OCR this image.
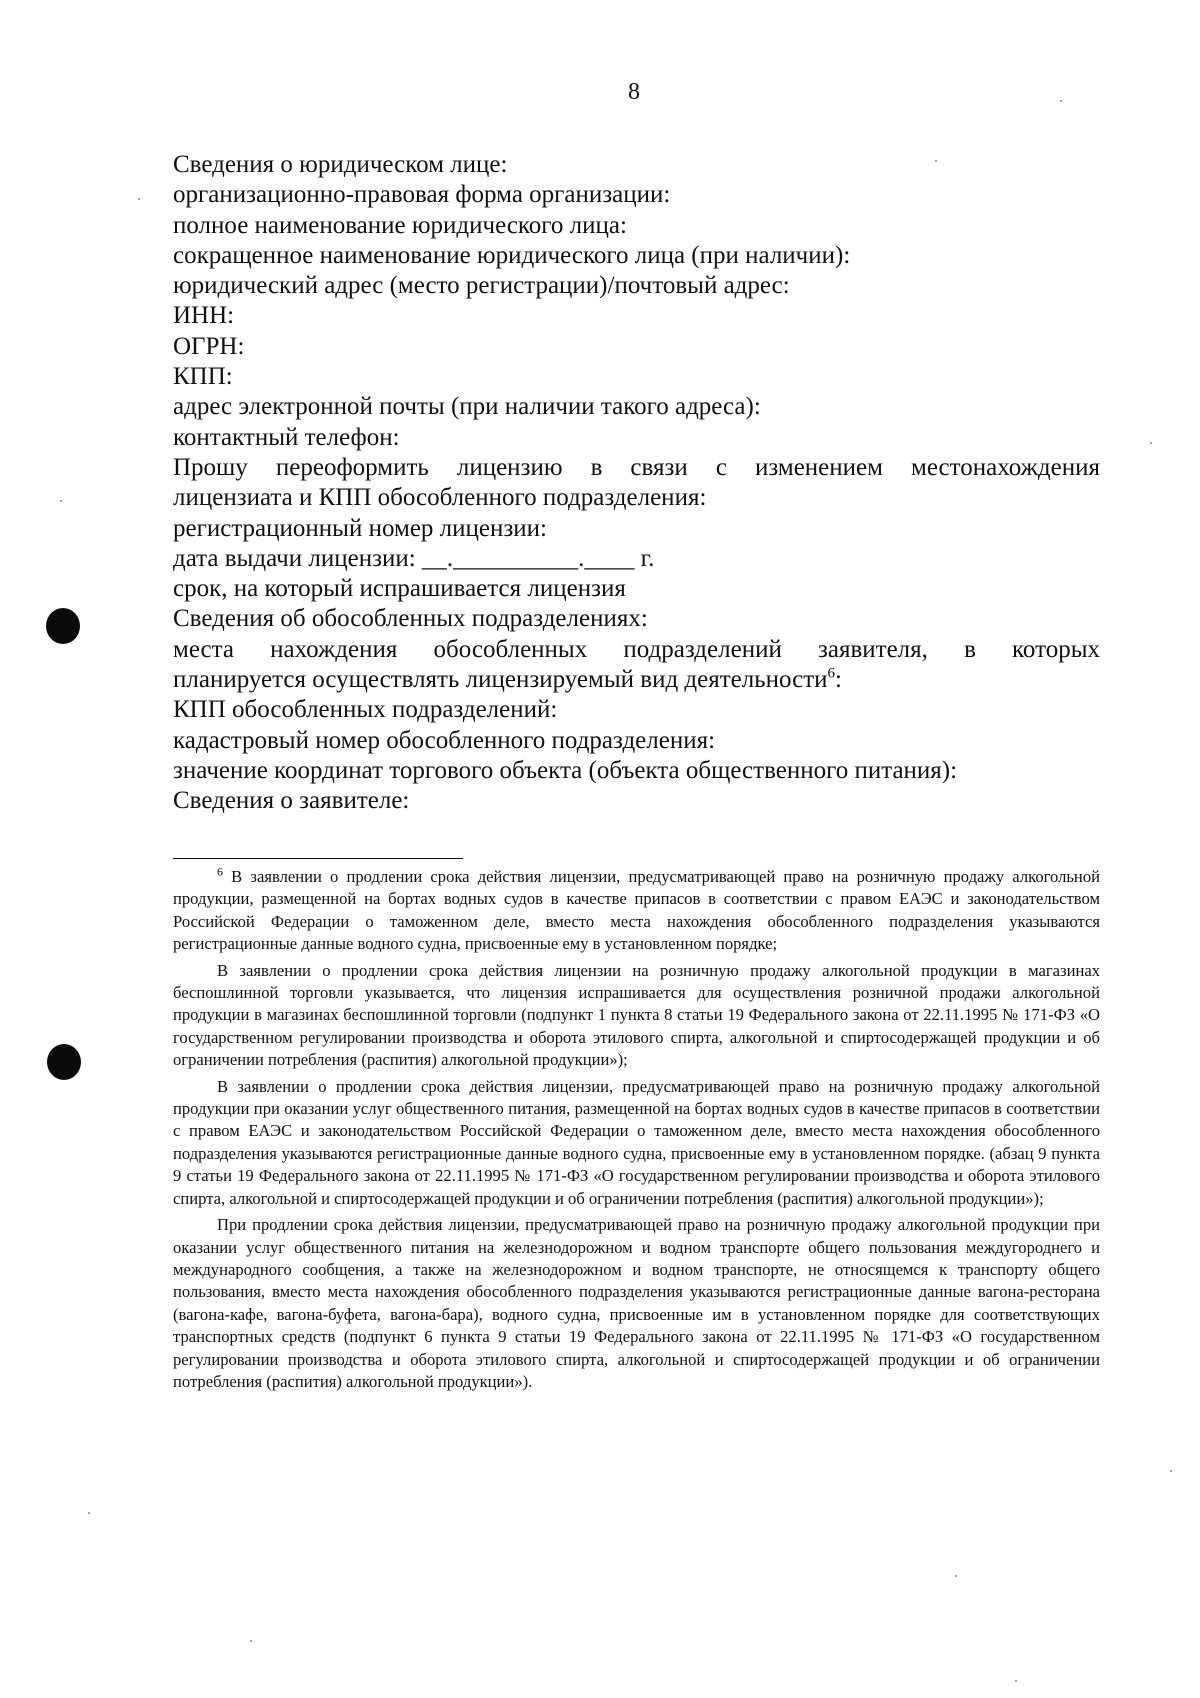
8

Сведения о юридическом лице:

организационно-правовая форма организации:

полное наименование юридического лица:

сокращенное наименование юридического лица (при наличии):

юридический адрес (место регистрации)/почтовый адрес:

ИНН:

ОГРН:

КПП:

адрес электронной почты (при наличии такого адреса):

контактный телефон:

Прошу переоформить лицензию в связи с изменением местонахождения

лицензиата и КПП обособленного подразделения:

регистрационный номер лицензии:

дата выдачи лицензии: __.__________.____ г.

срок, на который испрашивается лицензия

Сведения об обособленных подразделениях:

места нахождения обособленных подразделений заявителя, в которых

планируется осуществлять лицензируемый вид деятельности$^6$:

КПП обособленных подразделений:

кадастровый номер обособленного подразделения:

значение координат торгового объекта (объекта общественного питания):

Сведения о заявителе:

$^6$ В заявлении о продлении срока действия лицензии, предусматривающей право на розничную продажу алкогольной продукции, размещенной на бортах водных судов в качестве припасов в соответствии с правом ЕАЭС и законодательством Российской Федерации о таможенном деле, вместо места нахождения обособленного подразделения указываются регистрационные данные водного судна, присвоенные ему в установленном порядке;

В заявлении о продлении срока действия лицензии на розничную продажу алкогольной продукции в магазинах беспошлинной торговли указывается, что лицензия испрашивается для осуществления розничной продажи алкогольной продукции в магазинах беспошлинной торговли (подпункт 1 пункта 8 статьи 19 Федерального закона от 22.11.1995 № 171-ФЗ «О государственном регулировании производства и оборота этилового спирта, алкогольной и спиртосодержащей продукции и об ограничении потребления (распития) алкогольной продукции»);

В заявлении о продлении срока действия лицензии, предусматривающей право на розничную продажу алкогольной продукции при оказании услуг общественного питания, размещенной на бортах водных судов в качестве припасов в соответствии с правом ЕАЭС и законодательством Российской Федерации о таможенном деле, вместо места нахождения обособленного подразделения указываются регистрационные данные водного судна, присвоенные ему в установленном порядке. (абзац 9 пункта 9 статьи 19 Федерального закона от 22.11.1995 № 171-ФЗ «О государственном регулировании производства и оборота этилового спирта, алкогольной и спиртосодержащей продукции и об ограничении потребления (распития) алкогольной продукции»);

При продлении срока действия лицензии, предусматривающей право на розничную продажу алкогольной продукции при оказании услуг общественного питания на железнодорожном и водном транспорте общего пользования междугороднего и международного сообщения, а также на железнодорожном и водном транспорте, не относящемся к транспорту общего пользования, вместо места нахождения обособленного подразделения указываются регистрационные данные вагона-ресторана (вагона-кафе, вагона-буфета, вагона-бара), водного судна, присвоенные им в установленном порядке для соответствующих транспортных средств (подпункт 6 пункта 9 статьи 19 Федерального закона от 22.11.1995 № 171-ФЗ «О государственном регулировании производства и оборота этилового спирта, алкогольной и спиртосодержащей продукции и об ограничении потребления (распития) алкогольной продукции»).
